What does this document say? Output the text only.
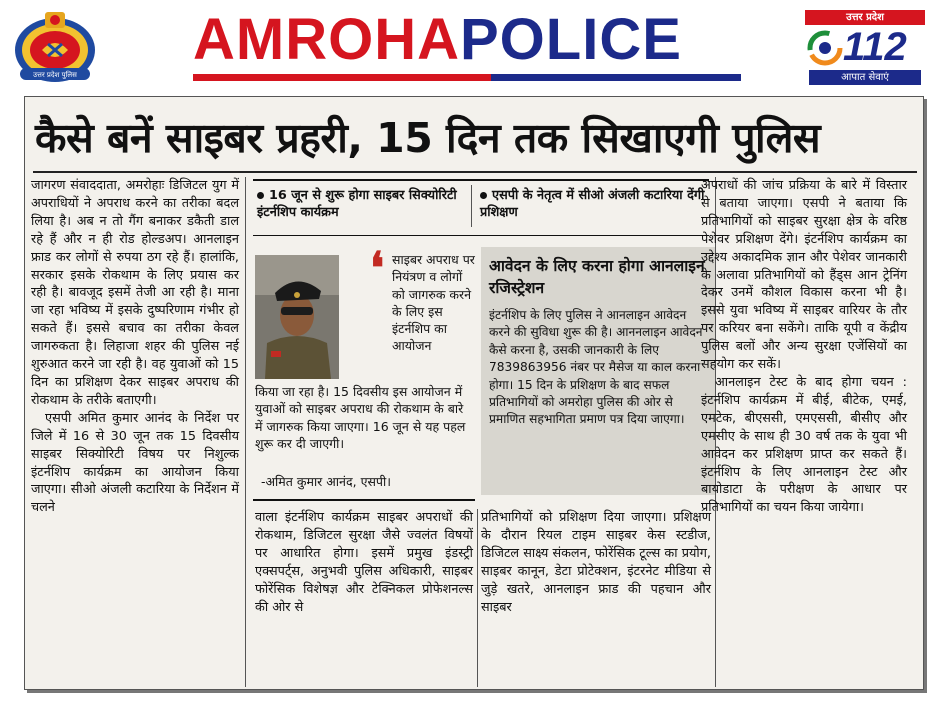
उत्तर प्रदेश पुलिस
AMROHA POLICE	उत्तर प्रदेश
112
आपात सेवाएं
कैसे बनें साइबर प्रहरी, 15 दिन तक सिखाएगी पुलिस

जागरण संवाददाता, अमरोहाः डिजिटल युग में अपराधियों ने अपराध करने का तरीका बदल लिया है। अब न तो गैंग बनाकर डकैती डाल रहे हैं और न ही रोड होल्डअप। आनलाइन फ्राड कर लोगों से रुपया ठग रहे हैं। हालांकि, सरकार इसके रोकथाम के लिए प्रयास कर रही है। बावजूद इसमें तेजी आ रही है। माना जा रहा भविष्य में इसके दुष्परिणाम गंभीर हो सकते हैं। इससे बचाव का तरीका केवल जागरुकता है। लिहाजा शहर की पुलिस नई शुरुआत करने जा रही है। वह युवाओं को 15 दिन का प्रशिक्षण देकर साइबर अपराध की रोकथाम के तरीके बताएगी।

एसपी अमित कुमार आनंद के निर्देश पर जिले में 16 से 30 जून तक 15 दिवसीय साइबर सिक्योरिटी विषय पर निशुल्क इंटर्नशिप कार्यक्रम का आयोजन किया जाएगा। सीओ अंजली कटारिया के निर्देशन में चलने

16 जून से शुरू होगा साइबर सिक्योरिटी इंटर्नशिप कार्यक्रम
एसपी के नेतृत्व में सीओ अंजली कटारिया देंगी प्रशिक्षण
❛ साइबर अपराध पर नियंत्रण व लोगों को जागरुक करने के लिए इस इंटर्नशिप का आयोजन
किया जा रहा है। 15 दिवसीय इस आयोजन में युवाओं को साइबर अपराध की रोकथाम के बारे में जागरुक किया जाएगा। 16 जून से यह पहल शुरू कर दी जाएगी।
-अमित कुमार आनंद, एसपी।
आवेदन के लिए करना होगा आनलाइन रजिस्ट्रेशन
इंटर्नशिप के लिए पुलिस ने आनलाइन आवेदन करने की सुविधा शुरू की है। आननलाइन आवेदन कैसे करना है, उसकी जानकारी के लिए 7839863956 नंबर पर मैसेज या काल करना होगा। 15 दिन के प्रशिक्षण के बाद सफल प्रतिभागियों को अमरोहा पुलिस की ओर से प्रमाणित सहभागिता प्रमाण पत्र दिया जाएगा।

वाला इंटर्नशिप कार्यक्रम साइबर अपराधों की रोकथाम, डिजिटल सुरक्षा जैसे ज्वलंत विषयों पर आधारित होगा। इसमें प्रमुख इंडस्ट्री एक्सपर्ट्स, अनुभवी पुलिस अधिकारी, साइबर फोरेंसिक विशेषज्ञ और टेक्निकल प्रोफेशनल्स की ओर से

प्रतिभागियों को प्रशिक्षण दिया जाएगा। प्रशिक्षण के दौरान रियल टाइम साइबर केस स्टडीज, डिजिटल साक्ष्य संकलन, फोरेंसिक टूल्स का प्रयोग, साइबर कानून, डेटा प्रोटेक्शन, इंटरनेट मीडिया से जुड़े खतरे, आनलाइन फ्राड की पहचान और साइबर

अपराधों की जांच प्रक्रिया के बारे में विस्तार से बताया जाएगा। एसपी ने बताया कि प्रतिभागियों को साइबर सुरक्षा क्षेत्र के वरिष्ठ पेशेवर प्रशिक्षण देंगे। इंटर्नशिप कार्यक्रम का उद्देश्य अकादमिक ज्ञान और पेशेवर जानकारी के अलावा प्रतिभागियों को हैंड्स आन ट्रेनिंग देकर उनमें कौशल विकास करना भी है। इससे युवा भविष्य में साइबर वारियर के तौर पर करियर बना सकेंगे। ताकि यूपी व केंद्रीय पुलिस बलों और अन्य सुरक्षा एजेंसियों का सहयोग कर सकें।

आनलाइन टेस्ट के बाद होगा चयन : इंटर्नशिप कार्यक्रम में बीई, बीटेक, एमई, एमटेक, बीएससी, एमएससी, बीसीए और एमसीए के साथ ही 30 वर्ष तक के युवा भी आवेदन कर प्रशिक्षण प्राप्त कर सकते हैं। इंटर्नशिप के लिए आनलाइन टेस्ट और बायोडाटा के परीक्षण के आधार पर प्रतिभागियों का चयन किया जायेगा।
